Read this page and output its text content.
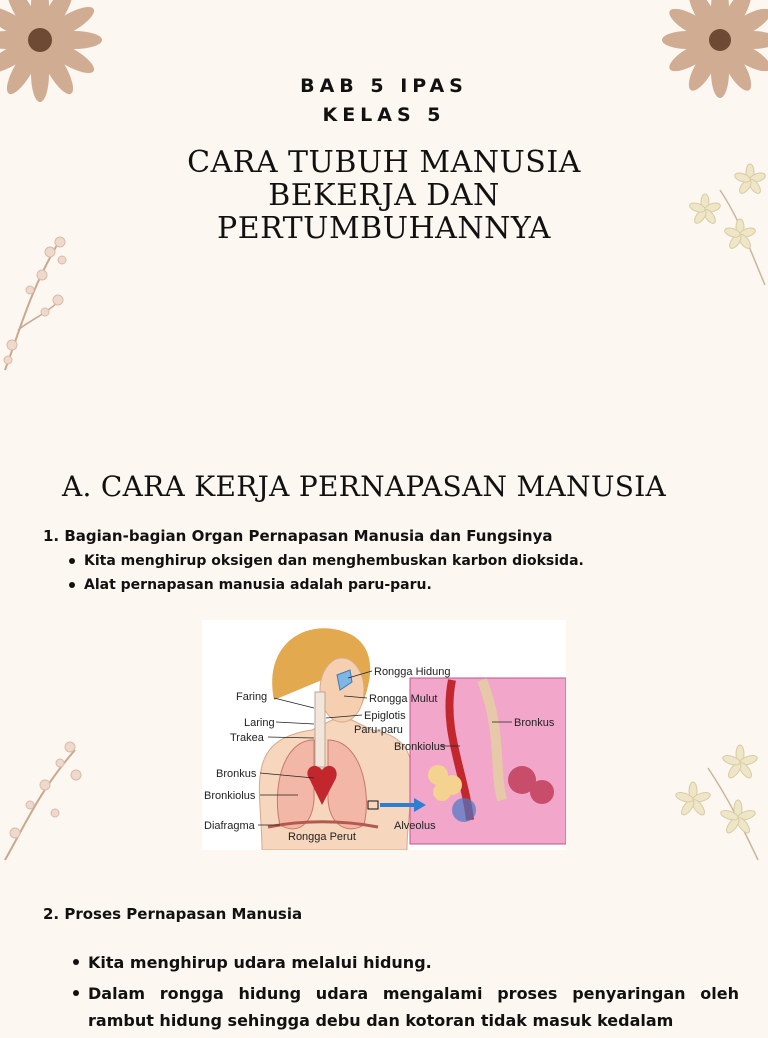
BAB 5 IPAS
KELAS 5
CARA TUBUH MANUSIA
BEKERJA DAN
PERTUMBUHANNYA
A. CARA KERJA PERNAPASAN MANUSIA
1. Bagian-bagian Organ Pernapasan Manusia dan Fungsinya
Kita menghirup oksigen dan menghembuskan karbon dioksida.
Alat pernapasan manusia adalah paru-paru.
Rongga Hidung
Faring	Rongga Mulut
Laring
Epiglotis
Trakea
Paru-paru
Bronkus
Bronkiolus
Bronkus
Bronkiolus
Diafragma
Rongga Perut
Alveolus
2. Proses Pernapasan Manusia
Kita menghirup udara melalui hidung.
Dalam rongga hidung udara mengalami proses penyaringan oleh rambut hidung sehingga debu dan kotoran tidak masuk kedalam
